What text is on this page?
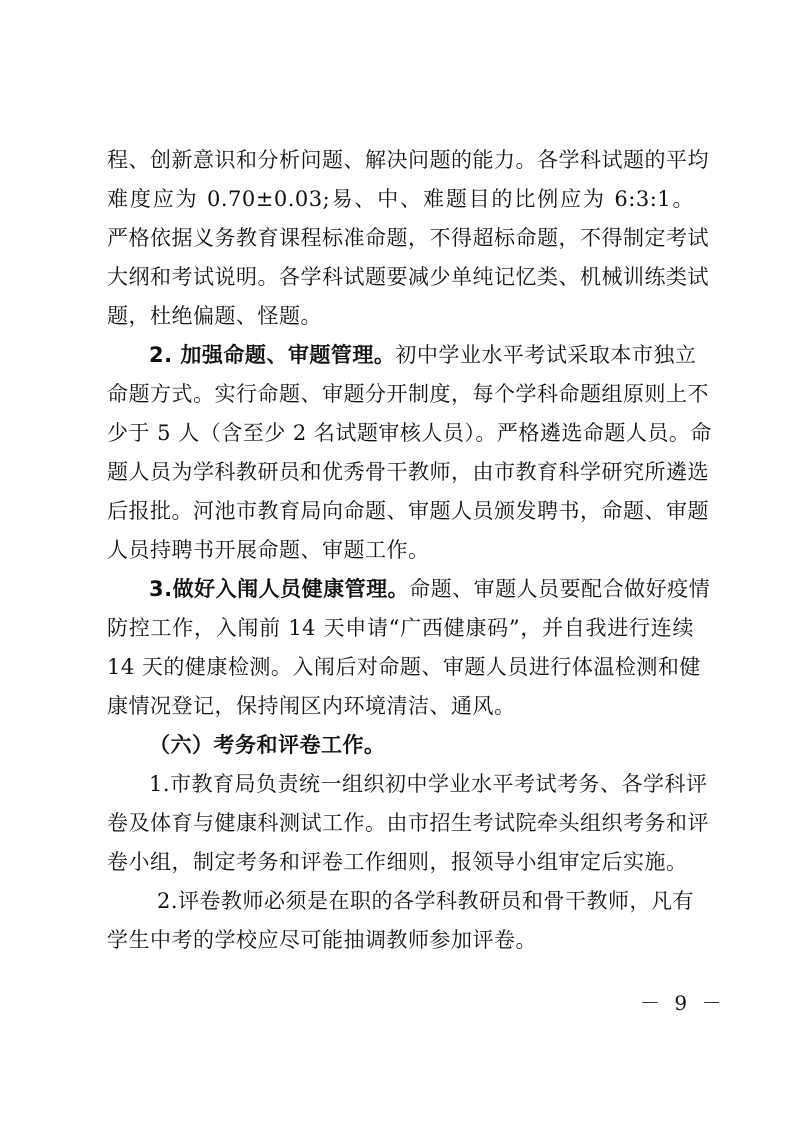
程、创新意识和分析问题、解决问题的能力。各学科试题的平均
难度应为 0.70±0.03;易、中、难题目的比例应为 6:3:1。
严格依据义务教育课程标准命题，不得超标命题，不得制定考试
大纲和考试说明。各学科试题要减少单纯记忆类、机械训练类试
题，杜绝偏题、怪题。
2. 加强命题、审题管理。初中学业水平考试采取本市独立
命题方式。实行命题、审题分开制度，每个学科命题组原则上不
少于 5 人（含至少 2 名试题审核人员）。严格遴选命题人员。命
题人员为学科教研员和优秀骨干教师，由市教育科学研究所遴选
后报批。河池市教育局向命题、审题人员颁发聘书，命题、审题
人员持聘书开展命题、审题工作。
3.做好入闱人员健康管理。命题、审题人员要配合做好疫情
防控工作，入闱前 14 天申请“广西健康码”，并自我进行连续
14 天的健康检测。入闱后对命题、审题人员进行体温检测和健
康情况登记，保持闱区内环境清洁、通风。
（六）考务和评卷工作。
1.市教育局负责统一组织初中学业水平考试考务、各学科评
卷及体育与健康科测试工作。由市招生考试院牵头组织考务和评
卷小组，制定考务和评卷工作细则，报领导小组审定后实施。
2.评卷教师必须是在职的各学科教研员和骨干教师，凡有
学生中考的学校应尽可能抽调教师参加评卷。
－ 9 －
